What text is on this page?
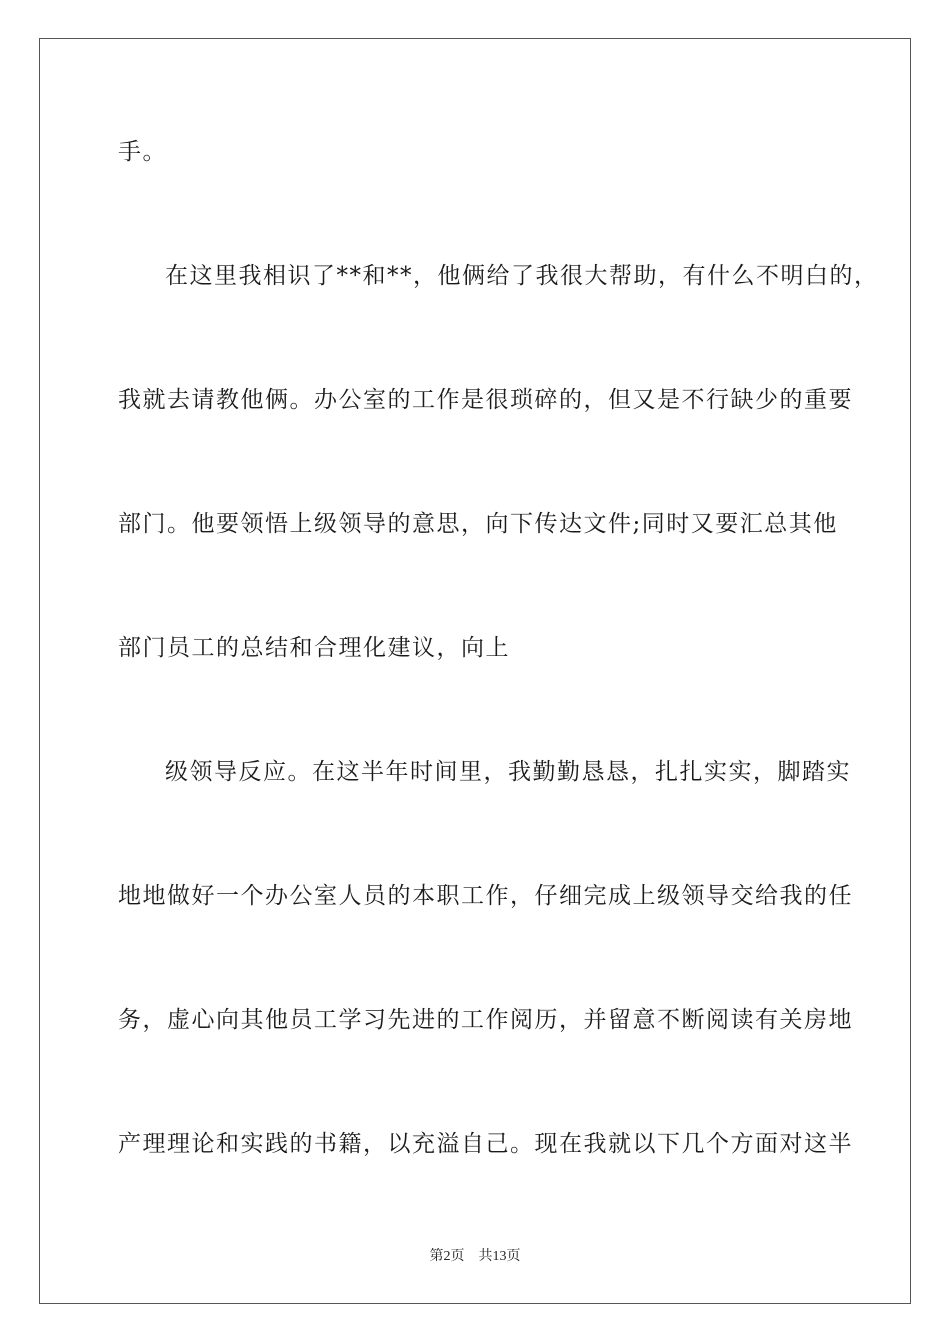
手。
在这里我相识了**和**，他俩给了我很大帮助，有什么不明白的，
我就去请教他俩。办公室的工作是很琐碎的，但又是不行缺少的重要
部门。他要领悟上级领导的意思，向下传达文件;同时又要汇总其他
部门员工的总结和合理化建议，向上
级领导反应。在这半年时间里，我勤勤恳恳，扎扎实实，脚踏实
地地做好一个办公室人员的本职工作，仔细完成上级领导交给我的任
务，虚心向其他员工学习先进的工作阅历，并留意不断阅读有关房地
产理理论和实践的书籍，以充溢自己。现在我就以下几个方面对这半
第2页 共13页
